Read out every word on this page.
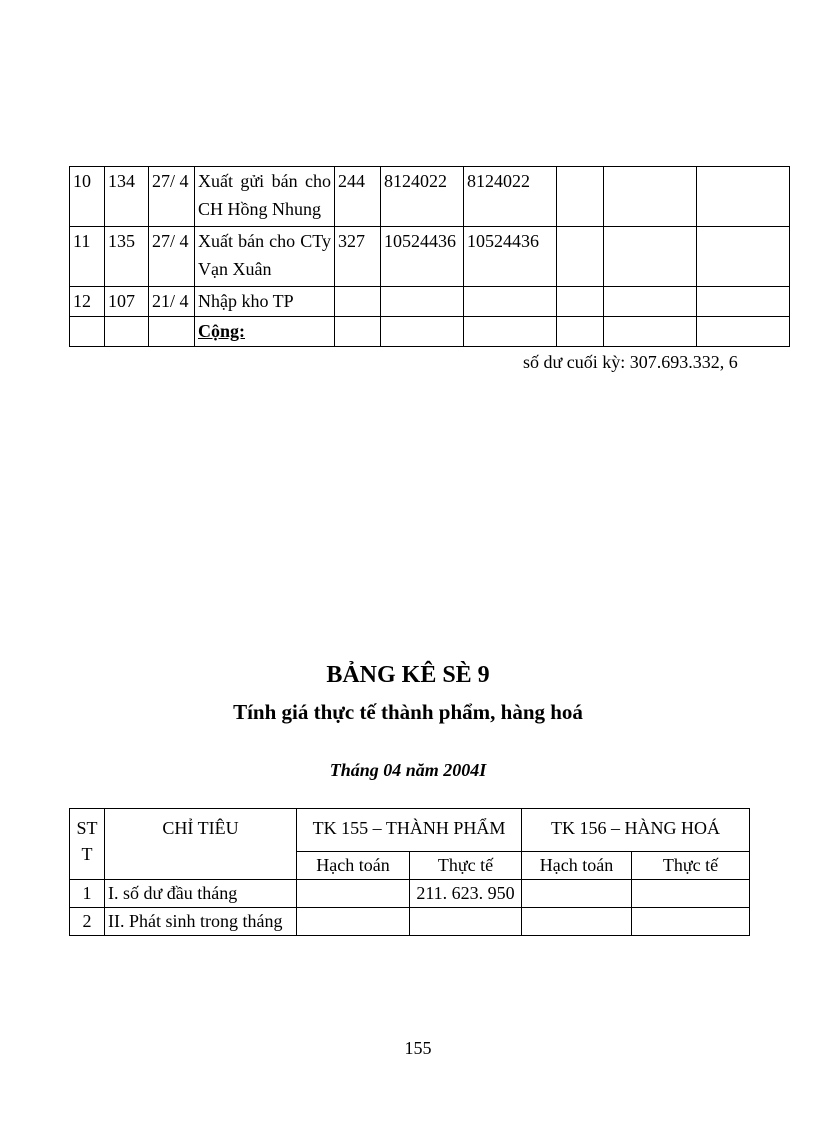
10	134	27/ 4	Xuất gửi bán cho CH Hồng Nhung	244	8124022	8124022			
11	135	27/ 4	Xuất bán cho CTy Vạn Xuân	327	10524436	10524436			
12	107	21/ 4	Nhập kho TP						
			Cộng:						
số dư cuối kỳ: 307.693.332, 6
BẢNG KÊ SÈ 9
Tính giá thực tế thành phẩm, hàng hoá
Tháng 04 năm 2004I
ST T	CHỈ TIÊU	TK 155 – THÀNH PHẨM		TK 156 – HÀNG HOÁ	
		Hạch toán	Thực tế	Hạch toán	Thực tế
1	I. số dư đầu tháng		211. 623. 950		
2	II. Phát sinh trong tháng				
155
